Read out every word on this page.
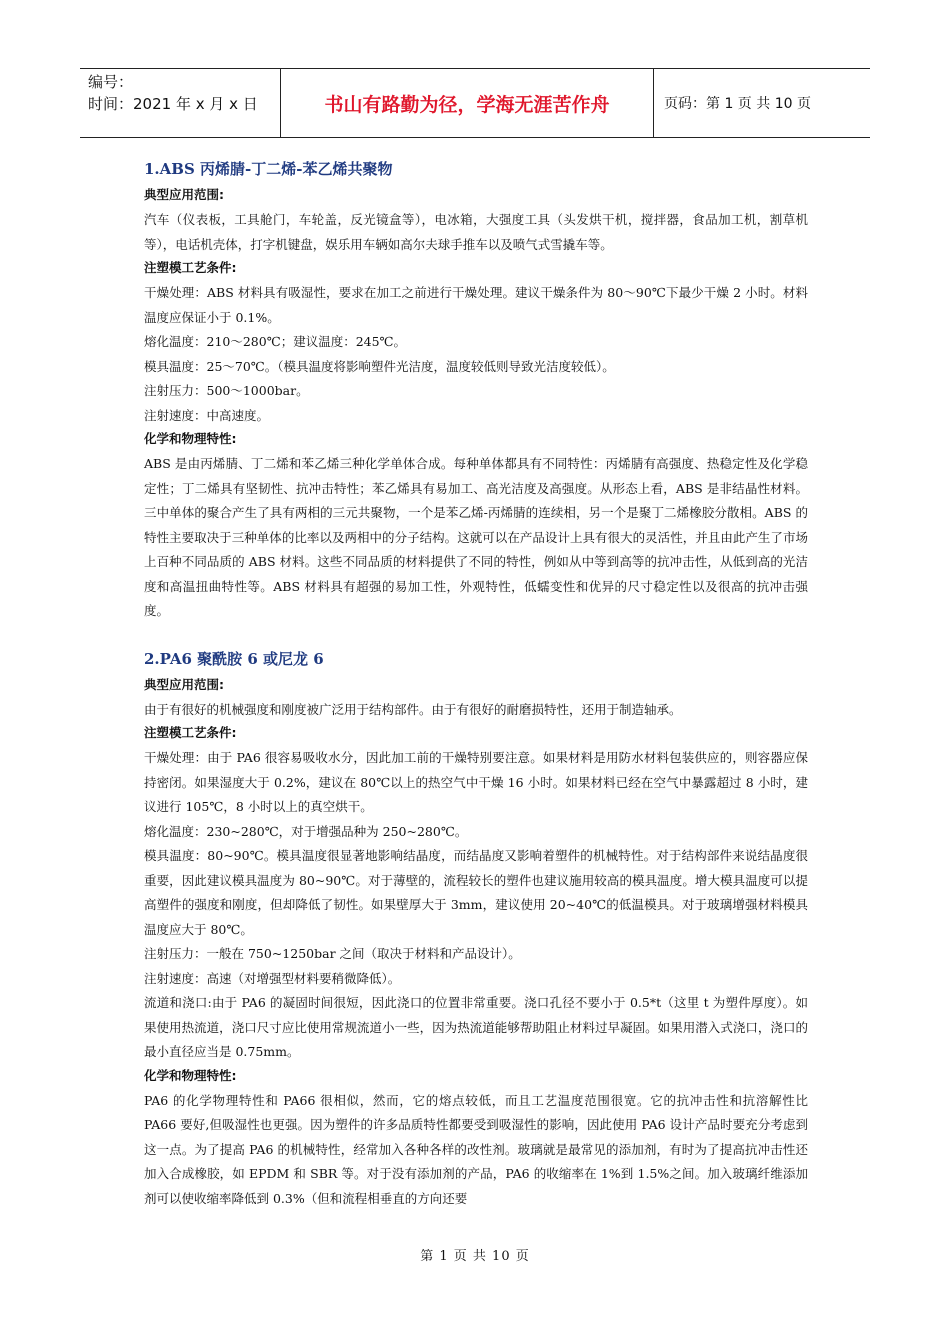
编号：
时间：2021 年 x 月 x 日	书山有路勤为径，学海无涯苦作舟	页码：第 1 页 共 10 页
1.ABS 丙烯腈-丁二烯-苯乙烯共聚物
典型应用范围:

汽车（仪表板，工具舱门，车轮盖，反光镜盒等），电冰箱，大强度工具（头发烘干机，搅拌器，食品加工机，割草机等），电话机壳体，打字机键盘，娱乐用车辆如高尔夫球手推车以及喷气式雪撬车等。

注塑模工艺条件:

干燥处理：ABS 材料具有吸湿性，要求在加工之前进行干燥处理。建议干燥条件为 80～90℃下最少干燥 2 小时。材料温度应保证小于 0.1%。

熔化温度：210～280℃；建议温度：245℃。

模具温度：25～70℃。（模具温度将影响塑件光洁度，温度较低则导致光洁度较低）。

注射压力：500～1000bar。

注射速度：中高速度。

化学和物理特性:

ABS 是由丙烯腈、丁二烯和苯乙烯三种化学单体合成。每种单体都具有不同特性：丙烯腈有高强度、热稳定性及化学稳定性；丁二烯具有坚韧性、抗冲击特性；苯乙烯具有易加工、高光洁度及高强度。从形态上看，ABS 是非结晶性材料。三中单体的聚合产生了具有两相的三元共聚物，一个是苯乙烯-丙烯腈的连续相，另一个是聚丁二烯橡胶分散相。ABS 的特性主要取决于三种单体的比率以及两相中的分子结构。这就可以在产品设计上具有很大的灵活性，并且由此产生了市场上百种不同品质的 ABS 材料。这些不同品质的材料提供了不同的特性，例如从中等到高等的抗冲击性，从低到高的光洁度和高温扭曲特性等。ABS 材料具有超强的易加工性，外观特性，低蠕变性和优异的尺寸稳定性以及很高的抗冲击强度。

2.PA6 聚酰胺 6 或尼龙 6
典型应用范围:

由于有很好的机械强度和刚度被广泛用于结构部件。由于有很好的耐磨损特性，还用于制造轴承。

注塑模工艺条件:

干燥处理：由于 PA6 很容易吸收水分，因此加工前的干燥特别要注意。如果材料是用防水材料包装供应的，则容器应保持密闭。如果湿度大于 0.2%，建议在 80℃以上的热空气中干燥 16 小时。如果材料已经在空气中暴露超过 8 小时，建议进行 105℃，8 小时以上的真空烘干。

熔化温度：230~280℃，对于增强品种为 250~280℃。

模具温度：80~90℃。模具温度很显著地影响结晶度，而结晶度又影响着塑件的机械特性。对于结构部件来说结晶度很重要，因此建议模具温度为 80~90℃。对于薄壁的，流程较长的塑件也建议施用较高的模具温度。增大模具温度可以提高塑件的强度和刚度，但却降低了韧性。如果壁厚大于 3mm，建议使用 20~40℃的低温模具。对于玻璃增强材料模具温度应大于 80℃。

注射压力：一般在 750~1250bar 之间（取决于材料和产品设计）。

注射速度：高速（对增强型材料要稍微降低）。

流道和浇口:由于 PA6 的凝固时间很短，因此浇口的位置非常重要。浇口孔径不要小于 0.5*t（这里 t 为塑件厚度）。如果使用热流道，浇口尺寸应比使用常规流道小一些，因为热流道能够帮助阻止材料过早凝固。如果用潜入式浇口，浇口的最小直径应当是 0.75mm。

化学和物理特性:

PA6 的化学物理特性和 PA66 很相似，然而，它的熔点较低，而且工艺温度范围很宽。它的抗冲击性和抗溶解性比 PA66 要好,但吸湿性也更强。因为塑件的许多品质特性都要受到吸湿性的影响，因此使用 PA6 设计产品时要充分考虑到这一点。为了提高 PA6 的机械特性，经常加入各种各样的改性剂。玻璃就是最常见的添加剂，有时为了提高抗冲击性还加入合成橡胶，如 EPDM 和 SBR 等。对于没有添加剂的产品，PA6 的收缩率在 1%到 1.5%之间。加入玻璃纤维添加剂可以使收缩率降低到 0.3%（但和流程相垂直的方向还要

第 1 页 共 10 页
